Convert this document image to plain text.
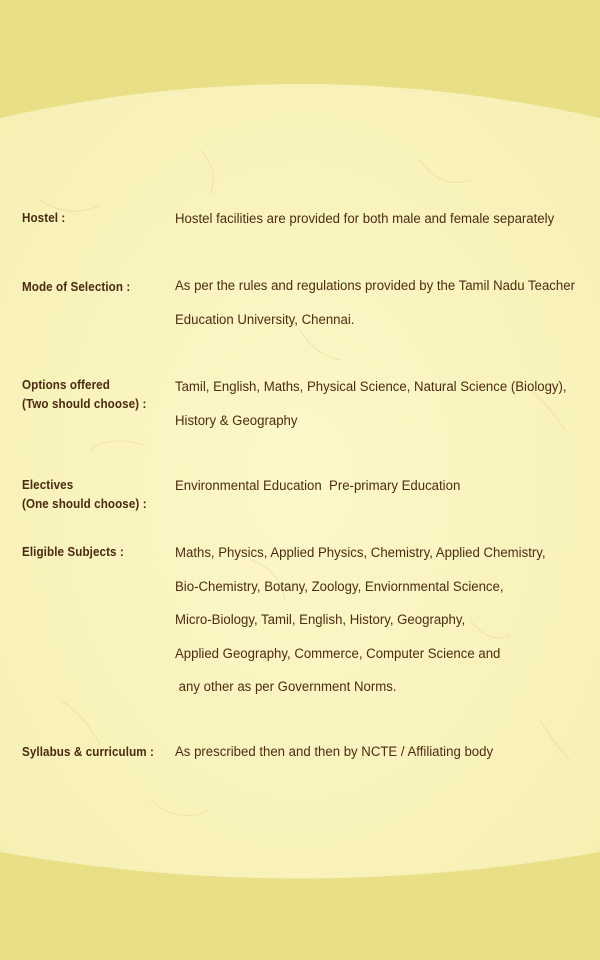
Hostel :	Hostel facilities are provided for both male and female separately
Mode of Selection :	As per the rules and regulations provided by the Tamil Nadu Teacher
Education University, Chennai.
Options offered
(Two should choose) :
Tamil, English, Maths, Physical Science, Natural Science (Biology),
History & Geography
Electives
(One should choose) :
Environmental Education  Pre-primary Education
Eligible Subjects :	Maths, Physics, Applied Physics, Chemistry, Applied Chemistry,
Bio-Chemistry, Botany, Zoology, Enviornmental Science,
Micro-Biology, Tamil, English, History, Geography,
Applied Geography, Commerce, Computer Science and
any other as per Government Norms.
Syllabus & curriculum :	As prescribed then and then by NCTE / Affiliating body
